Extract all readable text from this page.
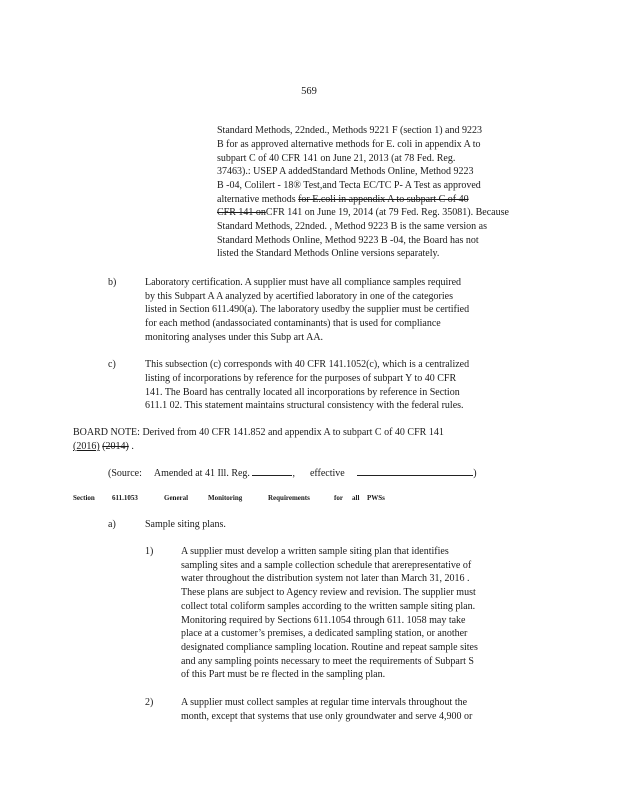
569
Standard Methods, 22nded., Methods 9221 F (section 1) and 9223
B for as approved alternative methods for E. coli in appendix A to
subpart C of 40 CFR 141 on June 21, 2013 (at 78 Fed. Reg.
37463).: USEP A addedStandard Methods Online, Method 9223
B -04, Colilert - 18® Test,and Tecta EC/TC P- A Test as approved
alternative methods for E.coli in appendix A to subpart C of 40
CFR 141 onCFR 141 on June 19, 2014 (at 79 Fed. Reg. 35081). Because
Standard Methods, 22nded. , Method 9223 B is the same version as
Standard Methods Online, Method 9223 B -04, the Board has not
listed the Standard Methods Online versions separately.
b)	Laboratory certification. A supplier must have all compliance samples required
by this Subpart A A analyzed by acertified laboratory in one of the categories
listed in Section 611.490(a). The laboratory usedby the supplier must be certified
for each method (andassociated contaminants) that is used for compliance
monitoring analyses under this Subp art AA.
c)	This subsection (c) corresponds with 40 CFR 141.1052(c), which is a centralized
listing of incorporations by reference for the purposes of subpart Y to 40 CFR
141. The Board has centrally located all incorporations by reference in Section
611.1 02. This statement maintains structural consistency with the federal rules.
BOARD NOTE: Derived from 40 CFR 141.852 and appendix A to subpart C of 40 CFR 141
(2016) (2014) .
(Source: Amended at 41 Ill. Reg.	, effective	)
Section 611.1053	General	Monitoring	Requirements	for all PWSs
a)	Sample siting plans.
1)	A supplier must develop a written sample siting plan that identifies
sampling sites and a sample collection schedule that arerepresentative of
water throughout the distribution system not later than March 31, 2016 .
These plans are subject to Agency review and revision. The supplier must
collect total coliform samples according to the written sample siting plan.
Monitoring required by Sections 611.1054 through 611. 1058 may take
place at a customer’s premises, a dedicated sampling station, or another
designated compliance sampling location. Routine and repeat sample sites
and any sampling points necessary to meet the requirements of Subpart S
of this Part must be re flected in the sampling plan.
2)	A supplier must collect samples at regular time intervals throughout the
month, except that systems that use only groundwater and serve 4,900 or
